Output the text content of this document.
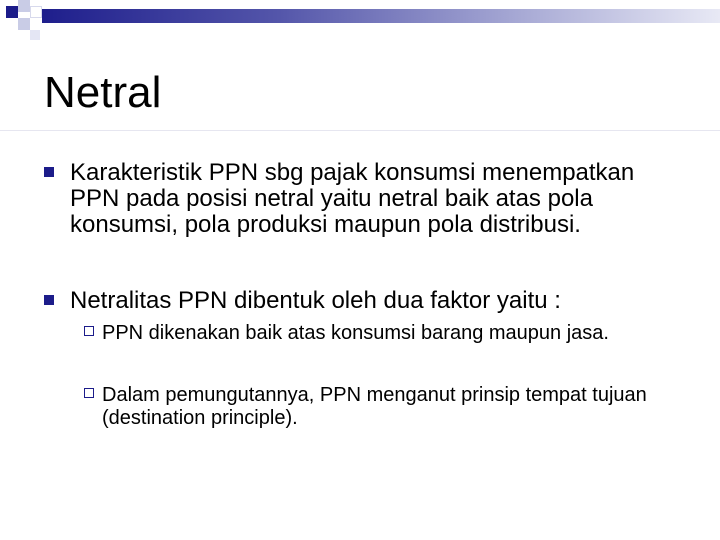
Netral
Karakteristik PPN sbg pajak konsumsi menempatkan PPN pada posisi netral yaitu netral baik atas pola konsumsi, pola produksi maupun pola distribusi.
Netralitas PPN dibentuk oleh dua faktor yaitu :
PPN dikenakan baik atas konsumsi barang maupun jasa.
Dalam pemungutannya, PPN menganut prinsip tempat tujuan (destination principle).
